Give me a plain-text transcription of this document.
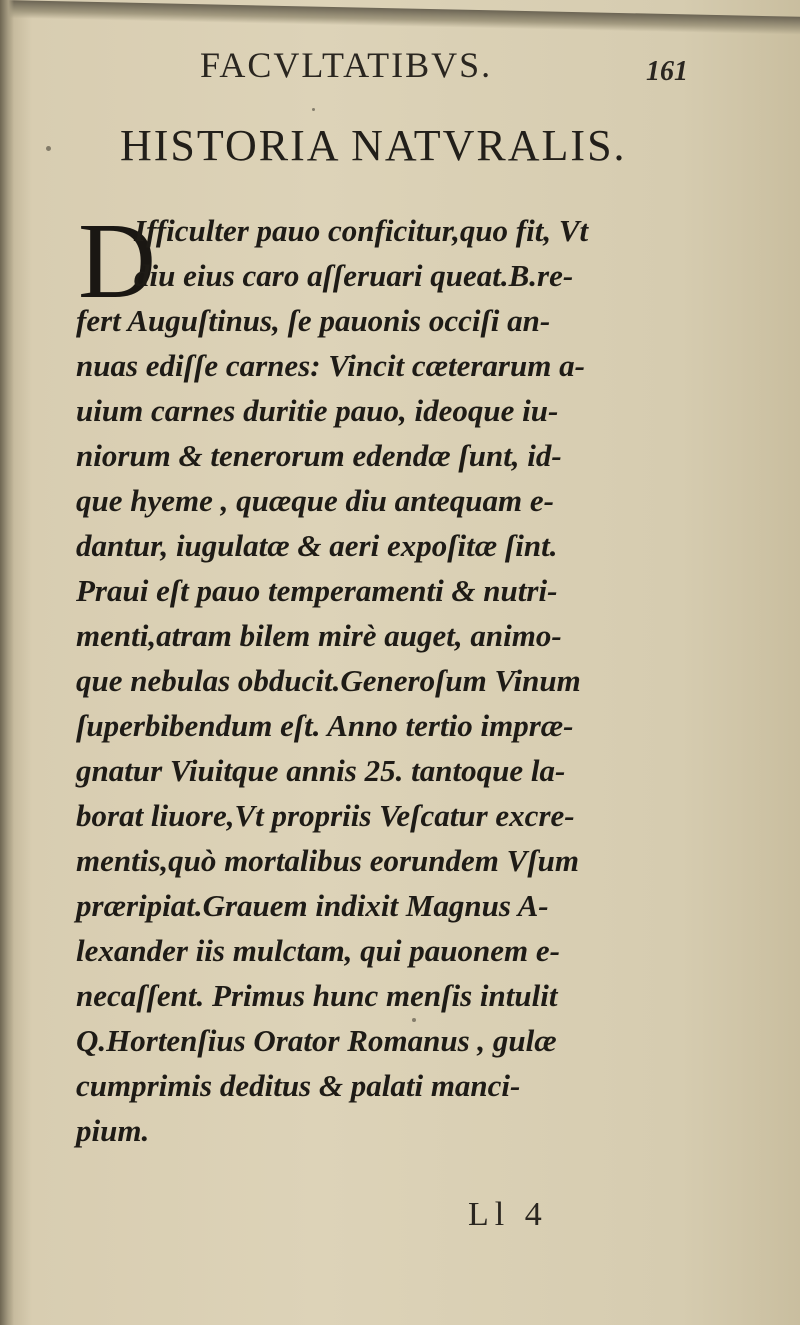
FACVLTATIBVS.	161
HISTORIA NATVRALIS.
D
Ifficulter pauo conficitur,quo fit, Vt
diu eius caro aſſeruari queat.B.re-
fert Auguſtinus, ſe pauonis occiſi an-
nuas ediſſe carnes: Vincit cæterarum a-
uium carnes duritie pauo, ideoque iu-
niorum & tenerorum edendæ ſunt, id-
que hyeme , quæque diu antequam e-
dantur, iugulatæ & aeri expoſitæ ſint.
Praui eſt pauo temperamenti & nutri-
menti,atram bilem mirè auget, animo-
que nebulas obducit.Generoſum Vinum
ſuperbibendum eſt. Anno tertio impræ-
gnatur Viuitque annis 25. tantoque la-
borat liuore,Vt propriis Veſcatur excre-
mentis,quò mortalibus eorundem Vſum
præripiat.Grauem indixit Magnus A-
lexander iis mulctam, qui pauonem e-
necaſſent. Primus hunc menſis intulit
Q.Hortenſius Orator Romanus , gulæ
cumprimis deditus & palati manci-
pium.
Ll 4
